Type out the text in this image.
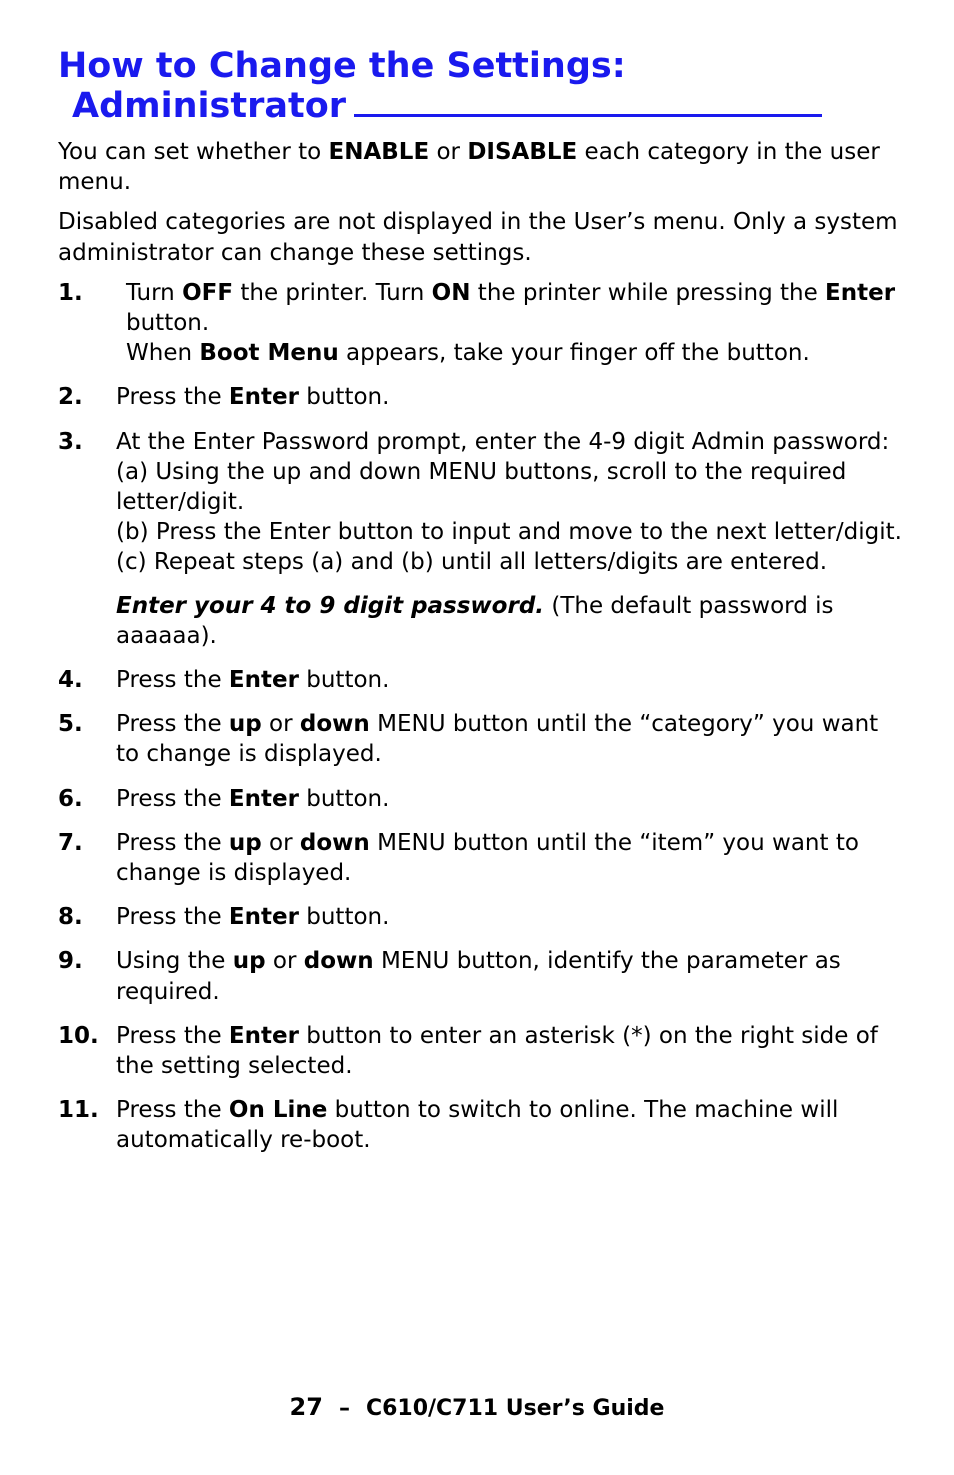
How to Change the Settings:
Administrator

You can set whether to ENABLE or DISABLE each category in the user menu.

Disabled categories are not displayed in the User’s menu. Only a system administrator can change these settings.

1. Turn OFF the printer. Turn ON the printer while pressing the Enter button.
When Boot Menu appears, take your finger off the button.
2. Press the Enter button.
3. At the Enter Password prompt, enter the 4-9 digit Admin password:
(a) Using the up and down MENU buttons, scroll to the required letter/digit.
(b) Press the Enter button to input and move to the next letter/digit.
(c) Repeat steps (a) and (b) until all letters/digits are entered.

Enter your 4 to 9 digit password. (The default password is aaaaaa).

4. Press the Enter button.
5. Press the up or down MENU button until the “category” you want to change is displayed.
6. Press the Enter button.
7. Press the up or down MENU button until the “item” you want to change is displayed.
8. Press the Enter button.
9. Using the up or down MENU button, identify the parameter as required.
10. Press the Enter button to enter an asterisk (*) on the right side of the setting selected.
11. Press the On Line button to switch to online. The machine will automatically re-boot.
27 – C610/C711 User’s Guide
